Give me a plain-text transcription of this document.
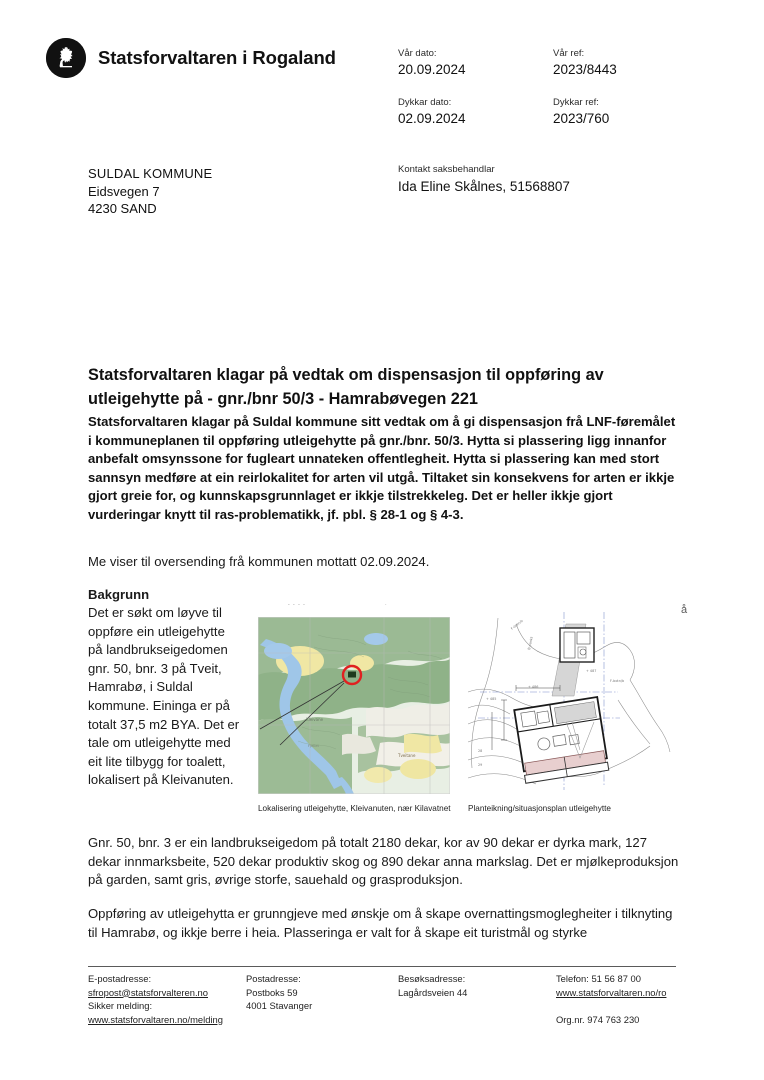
Statsforvaltaren i Rogaland	Vår dato:	Vår ref:
20.09.2024	2023/8443
Dykkar dato:	Dykkar ref:
02.09.2024	2023/760
SULDAL KOMMUNE
Eidsvegen 7
4230 SAND
Kontakt saksbehandlar
Ida Eline Skålnes, 51568807
Statsforvaltaren klagar på vedtak om dispensasjon til oppføring av utleigehytte på - gnr./bnr 50/3 - Hamrabøvegen 221
Statsforvaltaren klagar på Suldal kommune sitt vedtak om å gi dispensasjon frå LNF-føremålet i kommuneplanen til oppføring utleigehytte på gnr./bnr. 50/3. Hytta si plassering ligg innanfor anbefalt omsynssone for fugleart unnateken offentlegheit. Hytta si plassering kan med stort sannsyn medføre at ein reirlokalitet for arten vil utgå. Tiltaket sin konsekvens for arten er ikkje gjort greie for, og kunnskapsgrunnlaget er ikkje tilstrekkeleg. Det er heller ikkje gjort vurderingar knytt til ras-problematikk, jf. pbl. § 28-1 og § 4-3.
Me viser til oversending frå kommunen mottatt 02.09.2024.
Bakgrunn
Det er søkt om løyve til oppføre ein utleigehytte på landbrukseigedomen gnr. 50, bnr. 3 på Tveit, Hamrabø, i Suldal kommune. Eininga er på totalt 37,5 m2 BYA. Det er tale om utleigehytte med eit lite tilbygg for toalett, lokalisert på Kleivanuten.
- - - -	·
Kleivane
Tveitane
Fjellet
Lokalisering utleigehytte, Kleivanuten, nær Kilavatnet
F-botn/b
B-punkt
F-botn/b
+ 487
+ 486
+ 485
28
29
Planteikning/situasjonsplan utleigehytte
å
Gnr. 50, bnr. 3 er ein landbrukseigedom på totalt 2180 dekar, kor av 90 dekar er dyrka mark, 127 dekar innmarksbeite, 520 dekar produktiv skog og 890 dekar anna markslag. Det er mjølkeproduksjon på garden, samt gris, øvrige storfe, sauehald og grasproduksjon.
Oppføring av utleigehytta er grunngjeve med ønskje om å skape overnattingsmoglegheiter i tilknyting til Hamrabø, og ikkje berre i heia. Plasseringa er valt for å skape eit turistmål og styrke
E-postadresse:
sfropost@statsforvalteren.no
Sikker melding:
www.statsforvaltaren.no/melding
Postadresse:
Postboks 59
4001 Stavanger
Besøksadresse:
Lagårdsveien 44
Telefon: 51 56 87 00
www.statsforvaltaren.no/ro
Org.nr. 974 763 230
